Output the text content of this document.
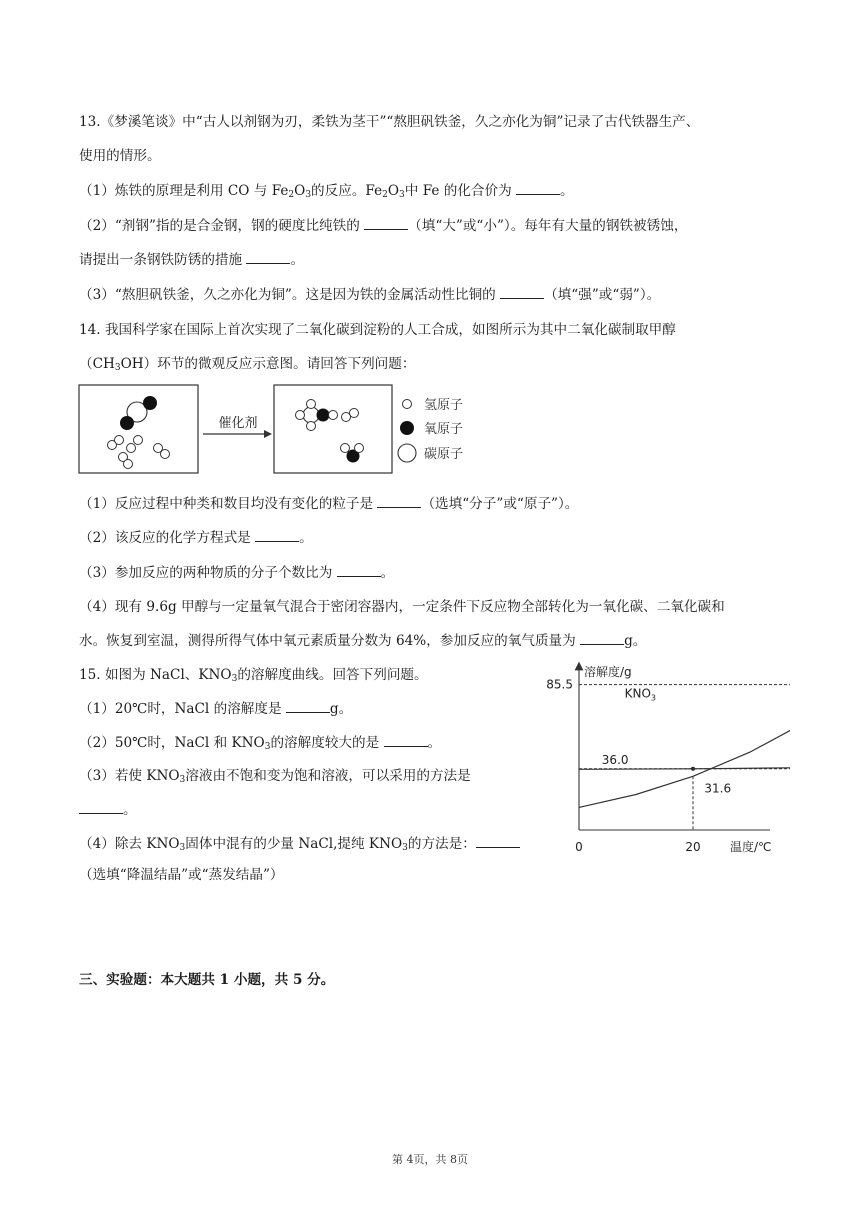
13.《梦溪笔谈》中“古人以剂钢为刃，柔铁为茎干”“熬胆矾铁釜，久之亦化为铜”记录了古代铁器生产、
使用的情形。
（1）炼铁的原理是利用 CO 与 $Fe_2O_3$的反应。$Fe_2O_3$中 Fe 的化合价为	。
（2）“剂钢”指的是合金钢，钢的硬度比纯铁的	（填“大”或“小”）。每年有大量的钢铁被锈蚀，
请提出一条钢铁防锈的措施	。
（3）“熬胆矾铁釜，久之亦化为铜”。这是因为铁的金属活动性比铜的	（填“强”或“弱”）。
14. 我国科学家在国际上首次实现了二氧化碳到淀粉的人工合成，如图所示为其中二氧化碳制取甲醇
$(CH_3OH)$环节的微观反应示意图。请回答下列问题：
催化剂
氢原子
氧原子
碳原子
（1）反应过程中种类和数目均没有变化的粒子是	（选填“分子”或“原子”）。
（2）该反应的化学方程式是	。
（3）参加反应的两种物质的分子个数比为	。
（4）现有 9.6g 甲醇与一定量氧气混合于密闭容器内，一定条件下反应物全部转化为一氧化碳、二氧化碳和
水。恢复到室温，测得所得气体中氧元素质量分数为 64%，参加反应的氧气质量为	g。
15. 如图为 NaCl、$KNO_3$的溶解度曲线。回答下列问题。
（1）20℃时，NaCl 的溶解度是	g。
（2）50℃时，NaCl 和 $KNO_3$的溶解度较大的是	。
（3）若使 $KNO_3$溶液由不饱和变为饱和溶液，可以采用的方法是
。
（4）除去 $KNO_3$固体中混有的少量 NaCl,提纯 $KNO_3$的方法是：
（选填“降温结晶”或“蒸发结晶”）
溶解度/g
温度/℃
85.5
36.0
31.6
0	20
$KNO_3$
三、实验题：本大题共 1 小题，共 5 分。
第 4页，共 8页
